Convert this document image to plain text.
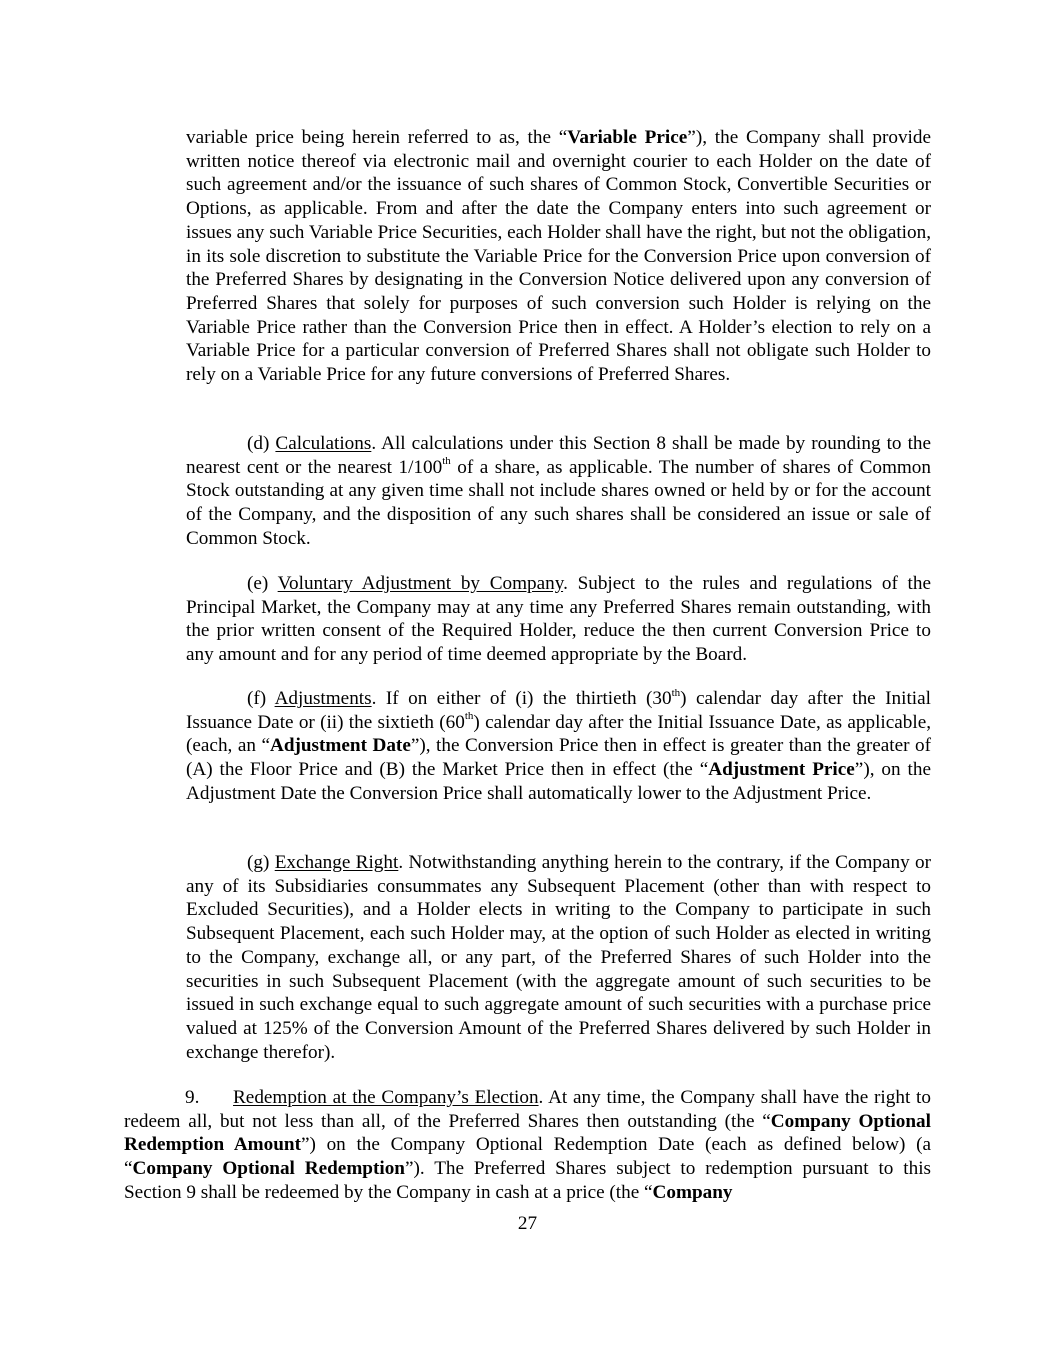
variable price being herein referred to as, the “Variable Price”), the Company shall provide written notice thereof via electronic mail and overnight courier to each Holder on the date of such agreement and/or the issuance of such shares of Common Stock, Convertible Securities or Options, as applicable. From and after the date the Company enters into such agreement or issues any such Variable Price Securities, each Holder shall have the right, but not the obligation, in its sole discretion to substitute the Variable Price for the Conversion Price upon conversion of the Preferred Shares by designating in the Conversion Notice delivered upon any conversion of Preferred Shares that solely for purposes of such conversion such Holder is relying on the Variable Price rather than the Conversion Price then in effect. A Holder’s election to rely on a Variable Price for a particular conversion of Preferred Shares shall not obligate such Holder to rely on a Variable Price for any future conversions of Preferred Shares.

(d) Calculations. All calculations under this Section 8 shall be made by rounding to the nearest cent or the nearest 1/100th of a share, as applicable. The number of shares of Common Stock outstanding at any given time shall not include shares owned or held by or for the account of the Company, and the disposition of any such shares shall be considered an issue or sale of Common Stock.

(e) Voluntary Adjustment by Company. Subject to the rules and regulations of the Principal Market, the Company may at any time any Preferred Shares remain outstanding, with the prior written consent of the Required Holder, reduce the then current Conversion Price to any amount and for any period of time deemed appropriate by the Board.

(f) Adjustments. If on either of (i) the thirtieth (30th) calendar day after the Initial Issuance Date or (ii) the sixtieth (60th) calendar day after the Initial Issuance Date, as applicable, (each, an “Adjustment Date”), the Conversion Price then in effect is greater than the greater of (A) the Floor Price and (B) the Market Price then in effect (the “Adjustment Price”), on the Adjustment Date the Conversion Price shall automatically lower to the Adjustment Price.

(g) Exchange Right. Notwithstanding anything herein to the contrary, if the Company or any of its Subsidiaries consummates any Subsequent Placement (other than with respect to Excluded Securities), and a Holder elects in writing to the Company to participate in such Subsequent Placement, each such Holder may, at the option of such Holder as elected in writing to the Company, exchange all, or any part, of the Preferred Shares of such Holder into the securities in such Subsequent Placement (with the aggregate amount of such securities to be issued in such exchange equal to such aggregate amount of such securities with a purchase price valued at 125% of the Conversion Amount of the Preferred Shares delivered by such Holder in exchange therefor).

9. Redemption at the Company’s Election. At any time, the Company shall have the right to redeem all, but not less than all, of the Preferred Shares then outstanding (the “Company Optional Redemption Amount”) on the Company Optional Redemption Date (each as defined below) (a “Company Optional Redemption”). The Preferred Shares subject to redemption pursuant to this Section 9 shall be redeemed by the Company in cash at a price (the “Company

27
